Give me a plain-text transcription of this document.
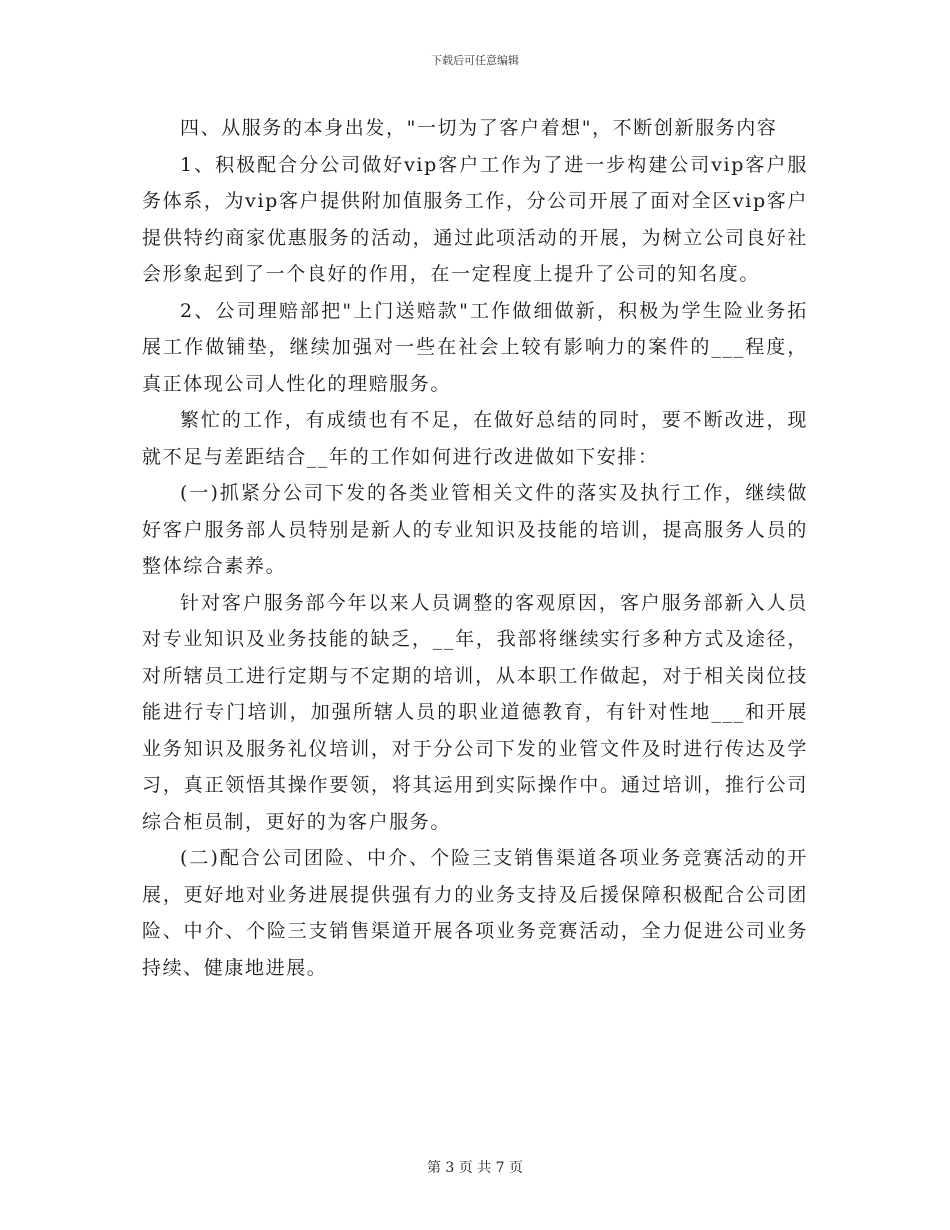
下载后可任意编辑

四、从服务的本身出发，"一切为了客户着想"，不断创新服务内容

1、积极配合分公司做好vip客户工作为了进一步构建公司vip客户服务体系，为vip客户提供附加值服务工作，分公司开展了面对全区vip客户提供特约商家优惠服务的活动，通过此项活动的开展，为树立公司良好社会形象起到了一个良好的作用，在一定程度上提升了公司的知名度。

2、公司理赔部把"上门送赔款"工作做细做新，积极为学生险业务拓展工作做铺垫，继续加强对一些在社会上较有影响力的案件的___程度，真正体现公司人性化的理赔服务。

繁忙的工作，有成绩也有不足，在做好总结的同时，要不断改进，现就不足与差距结合__年的工作如何进行改进做如下安排：

(一)抓紧分公司下发的各类业管相关文件的落实及执行工作，继续做好客户服务部人员特别是新人的专业知识及技能的培训，提高服务人员的整体综合素养。

针对客户服务部今年以来人员调整的客观原因，客户服务部新入人员对专业知识及业务技能的缺乏，__年，我部将继续实行多种方式及途径，对所辖员工进行定期与不定期的培训，从本职工作做起，对于相关岗位技能进行专门培训，加强所辖人员的职业道德教育，有针对性地___和开展业务知识及服务礼仪培训，对于分公司下发的业管文件及时进行传达及学习，真正领悟其操作要领，将其运用到实际操作中。通过培训，推行公司综合柜员制，更好的为客户服务。

(二)配合公司团险、中介、个险三支销售渠道各项业务竞赛活动的开展，更好地对业务进展提供强有力的业务支持及后援保障积极配合公司团险、中介、个险三支销售渠道开展各项业务竞赛活动，全力促进公司业务持续、健康地进展。

第 3 页 共 7 页
